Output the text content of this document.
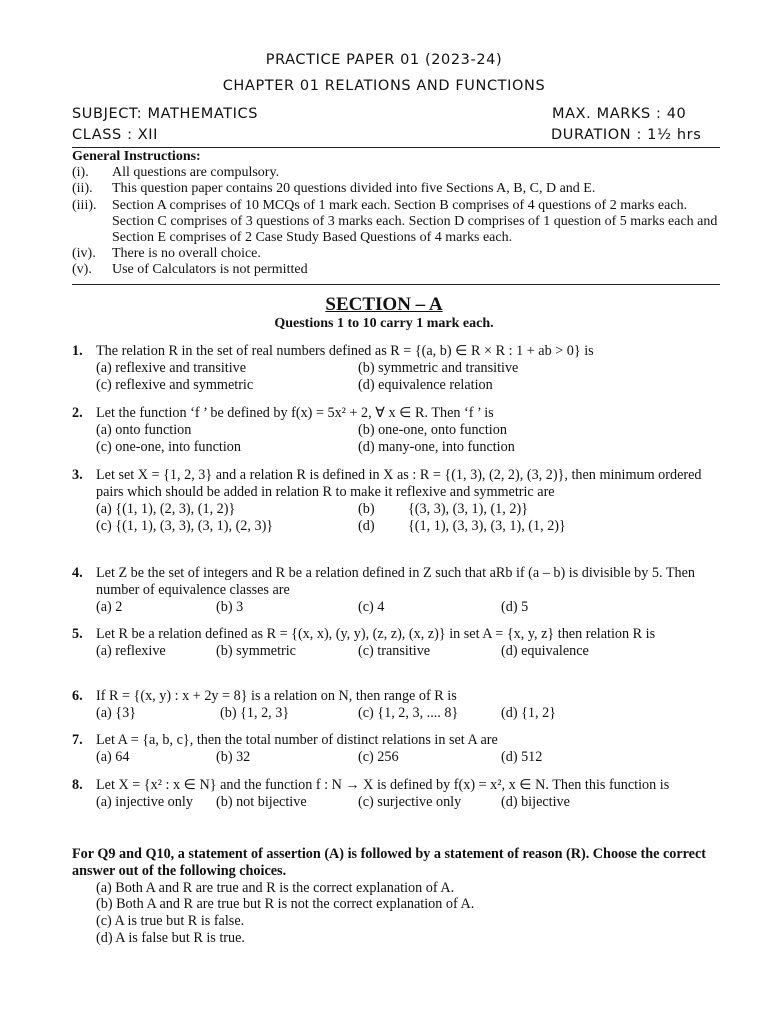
PRACTICE PAPER 01 (2023-24)
CHAPTER 01 RELATIONS AND FUNCTIONS
SUBJECT: MATHEMATICS	MAX. MARKS : 40
CLASS : XII	DURATION : 1½ hrs
General Instructions:
(i).	All questions are compulsory.
(ii).	This question paper contains 20 questions divided into five Sections A, B, C, D and E.
(iii).	Section A comprises of 10 MCQs of 1 mark each. Section B comprises of 4 questions of 2 marks each. Section C comprises of 3 questions of 3 marks each. Section D comprises of 1 question of 5 marks each and Section E comprises of 2 Case Study Based Questions of 4 marks each.
(iv).	There is no overall choice.
(v).	Use of Calculators is not permitted
SECTION – A
Questions 1 to 10 carry 1 mark each.
1. The relation R in the set of real numbers defined as R = {(a, b) ∈ R × R : 1 + ab > 0} is
(a) reflexive and transitive	(b) symmetric and transitive
(c) reflexive and symmetric	(d) equivalence relation
2. Let the function ‘f ’ be defined by f(x) = 5x² + 2, ∀ x ∈ R. Then ‘f ’ is
(a) onto function	(b) one-one, onto function
(c) one-one, into function	(d) many-one, into function
3. Let set X = {1, 2, 3} and a relation R is defined in X as : R = {(1, 3), (2, 2), (3, 2)}, then minimum ordered pairs which should be added in relation R to make it reflexive and symmetric are
(a) {(1, 1), (2, 3), (1, 2)}	(b) {(3, 3), (3, 1), (1, 2)}
(c) {(1, 1), (3, 3), (3, 1), (2, 3)}	(d) {(1, 1), (3, 3), (3, 1), (1, 2)}
4. Let Z be the set of integers and R be a relation defined in Z such that aRb if (a – b) is divisible by 5. Then number of equivalence classes are
(a) 2	(b) 3	(c) 4	(d) 5
5. Let R be a relation defined as R = {(x, x), (y, y), (z, z), (x, z)} in set A = {x, y, z} then relation R is
(a) reflexive	(b) symmetric	(c) transitive	(d) equivalence
6. If R = {(x, y) : x + 2y = 8} is a relation on N, then range of R is
(a) {3}	(b) {1, 2, 3}	(c) {1, 2, 3, .... 8}	(d) {1, 2}
7. Let A = {a, b, c}, then the total number of distinct relations in set A are
(a) 64	(b) 32	(c) 256	(d) 512
8. Let X = {x² : x ∈ N} and the function f : N → X is defined by f(x) = x², x ∈ N. Then this function is
(a) injective only (b) not bijective	(c) surjective only	(d) bijective
For Q9 and Q10, a statement of assertion (A) is followed by a statement of reason (R). Choose the correct answer out of the following choices.
(a) Both A and R are true and R is the correct explanation of A.
(b) Both A and R are true but R is not the correct explanation of A.
(c) A is true but R is false.
(d) A is false but R is true.
